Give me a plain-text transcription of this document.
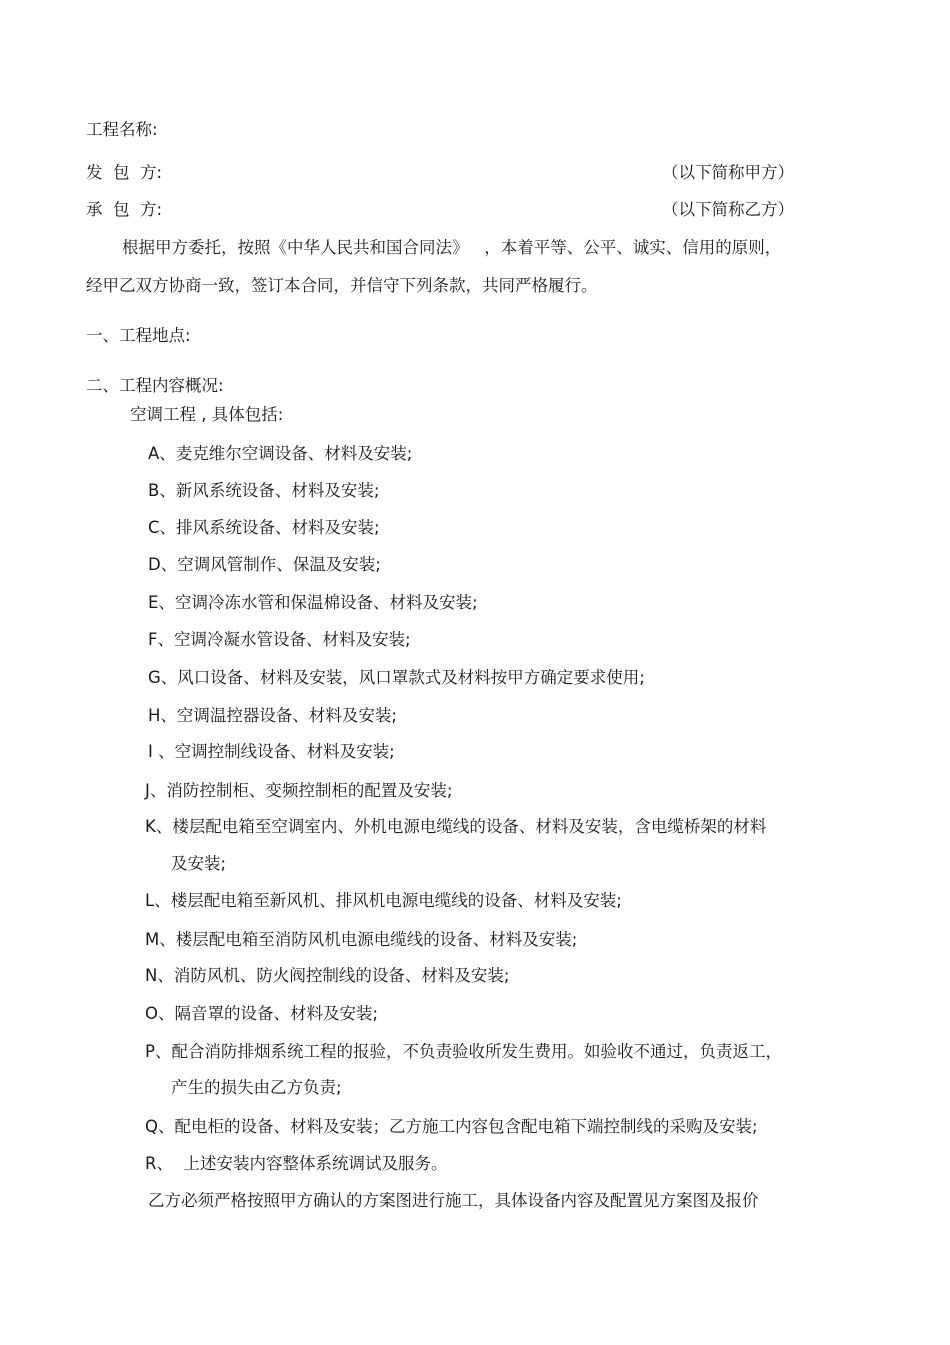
工程名称:
发  包  方:	（以下简称甲方）
承  包  方:	（以下简称乙方）
根据甲方委托，按照《中华人民共和国合同法》   ，本着平等、公平、诚实、信用的原则，
经甲乙双方协商一致，签订本合同，并信守下列条款，共同严格履行。
一、工程地点:
二、工程内容概况:
空调工程 , 具体包括:
A、麦克维尔空调设备、材料及安装;
B、新风系统设备、材料及安装;
C、排风系统设备、材料及安装;
D、空调风管制作、保温及安装;
E、空调冷冻水管和保温棉设备、材料及安装;
F、空调冷凝水管设备、材料及安装;
G、风口设备、材料及安装，风口罩款式及材料按甲方确定要求使用;
H、空调温控器设备、材料及安装;
I 、空调控制线设备、材料及安装;
J、消防控制柜、变频控制柜的配置及安装;
K、楼层配电箱至空调室内、外机电源电缆线的设备、材料及安装，含电缆桥架的材料
及安装;
L、楼层配电箱至新风机、排风机电源电缆线的设备、材料及安装;
M、楼层配电箱至消防风机电源电缆线的设备、材料及安装;
N、消防风机、防火阀控制线的设备、材料及安装;
O、隔音罩的设备、材料及安装;
P、配合消防排烟系统工程的报验，不负责验收所发生费用。如验收不通过，负责返工，
产生的损失由乙方负责;
Q、配电柜的设备、材料及安装；乙方施工内容包含配电箱下端控制线的采购及安装;
R、  上述安装内容整体系统调试及服务。
乙方必须严格按照甲方确认的方案图进行施工，具体设备内容及配置见方案图及报价
